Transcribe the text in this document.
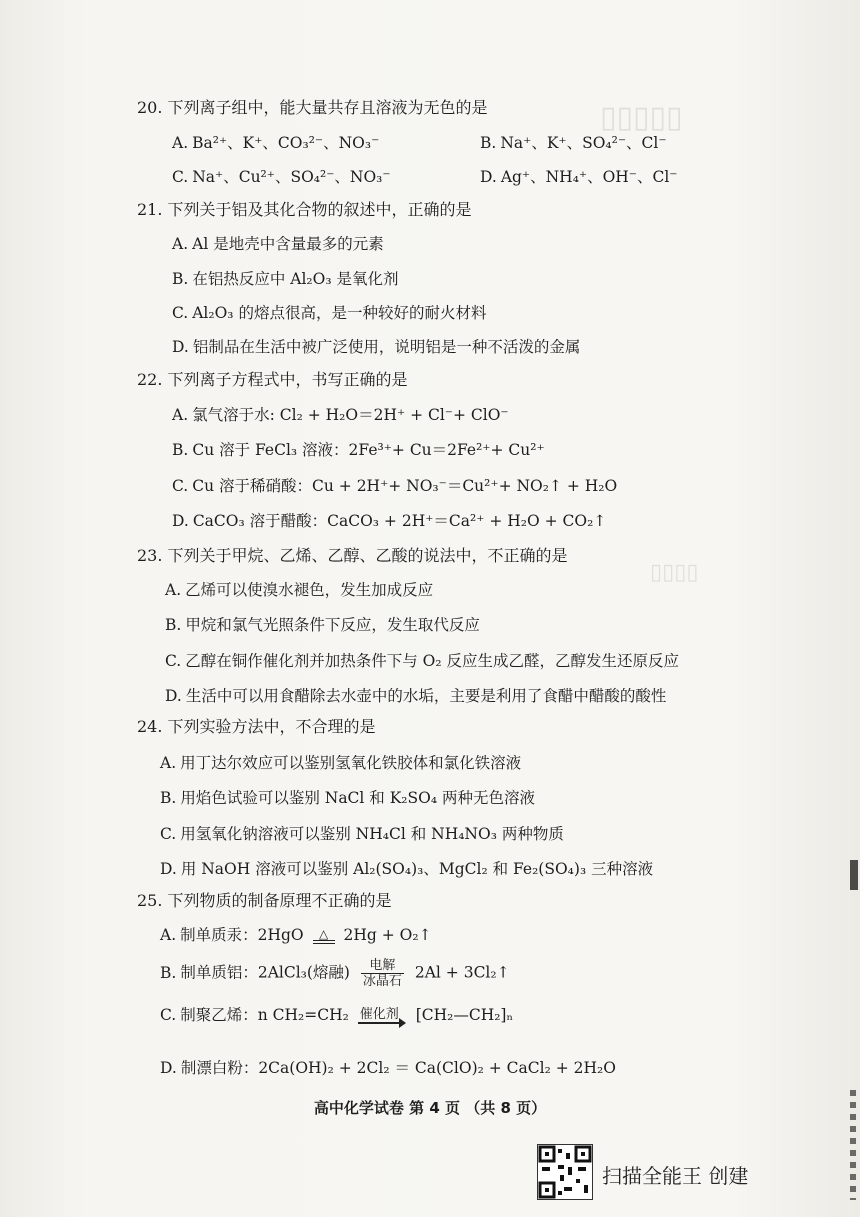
▯▯▯▯▯
▯▯▯▯
20. 下列离子组中，能大量共存且溶液为无色的是
A. Ba²⁺、K⁺、CO₃²⁻、NO₃⁻	B. Na⁺、K⁺、SO₄²⁻、Cl⁻
C. Na⁺、Cu²⁺、SO₄²⁻、NO₃⁻	D. Ag⁺、NH₄⁺、OH⁻、Cl⁻
21. 下列关于铝及其化合物的叙述中，正确的是
A. Al 是地壳中含量最多的元素
B. 在铝热反应中 Al₂O₃ 是氧化剂
C. Al₂O₃ 的熔点很高，是一种较好的耐火材料
D. 铝制品在生活中被广泛使用，说明铝是一种不活泼的金属
22. 下列离子方程式中，书写正确的是
A. 氯气溶于水: Cl₂ + H₂O＝2H⁺ + Cl⁻+ ClO⁻
B. Cu 溶于 FeCl₃ 溶液：2Fe³⁺+ Cu＝2Fe²⁺+ Cu²⁺
C. Cu 溶于稀硝酸：Cu + 2H⁺+ NO₃⁻＝Cu²⁺+ NO₂↑ + H₂O
D. CaCO₃ 溶于醋酸：CaCO₃ + 2H⁺＝Ca²⁺ + H₂O + CO₂↑
23. 下列关于甲烷、乙烯、乙醇、乙酸的说法中，不正确的是
A. 乙烯可以使溴水褪色，发生加成反应
B. 甲烷和氯气光照条件下反应，发生取代反应
C. 乙醇在铜作催化剂并加热条件下与 O₂ 反应生成乙醛，乙醇发生还原反应
D. 生活中可以用食醋除去水壶中的水垢，主要是利用了食醋中醋酸的酸性
24. 下列实验方法中，不合理的是
A. 用丁达尔效应可以鉴别氢氧化铁胶体和氯化铁溶液
B. 用焰色试验可以鉴别 NaCl 和 K₂SO₄ 两种无色溶液
C. 用氢氧化钠溶液可以鉴别 NH₄Cl 和 NH₄NO₃ 两种物质
D. 用 NaOH 溶液可以鉴别 Al₂(SO₄)₃、MgCl₂ 和 Fe₂(SO₄)₃ 三种溶液
25. 下列物质的制备原理不正确的是
A. 制单质汞：2HgO	△ 2Hg + O₂↑
B. 制单质铝：2AlCl₃(熔融) $\frac{\text{电解}}{\text{冰晶石}} 2Al$ + 3Cl₂↑
C. 制聚乙烯：n CH₂=CH₂ 催化剂 [CH₂—CH₂]ₙ
D. 制漂白粉：2Ca(OH)₂ + 2Cl₂ ＝ Ca(ClO)₂ + CaCl₂ + 2H₂O
高中化学试卷 第 4 页 （共 8 页）
扫描全能王 创建
